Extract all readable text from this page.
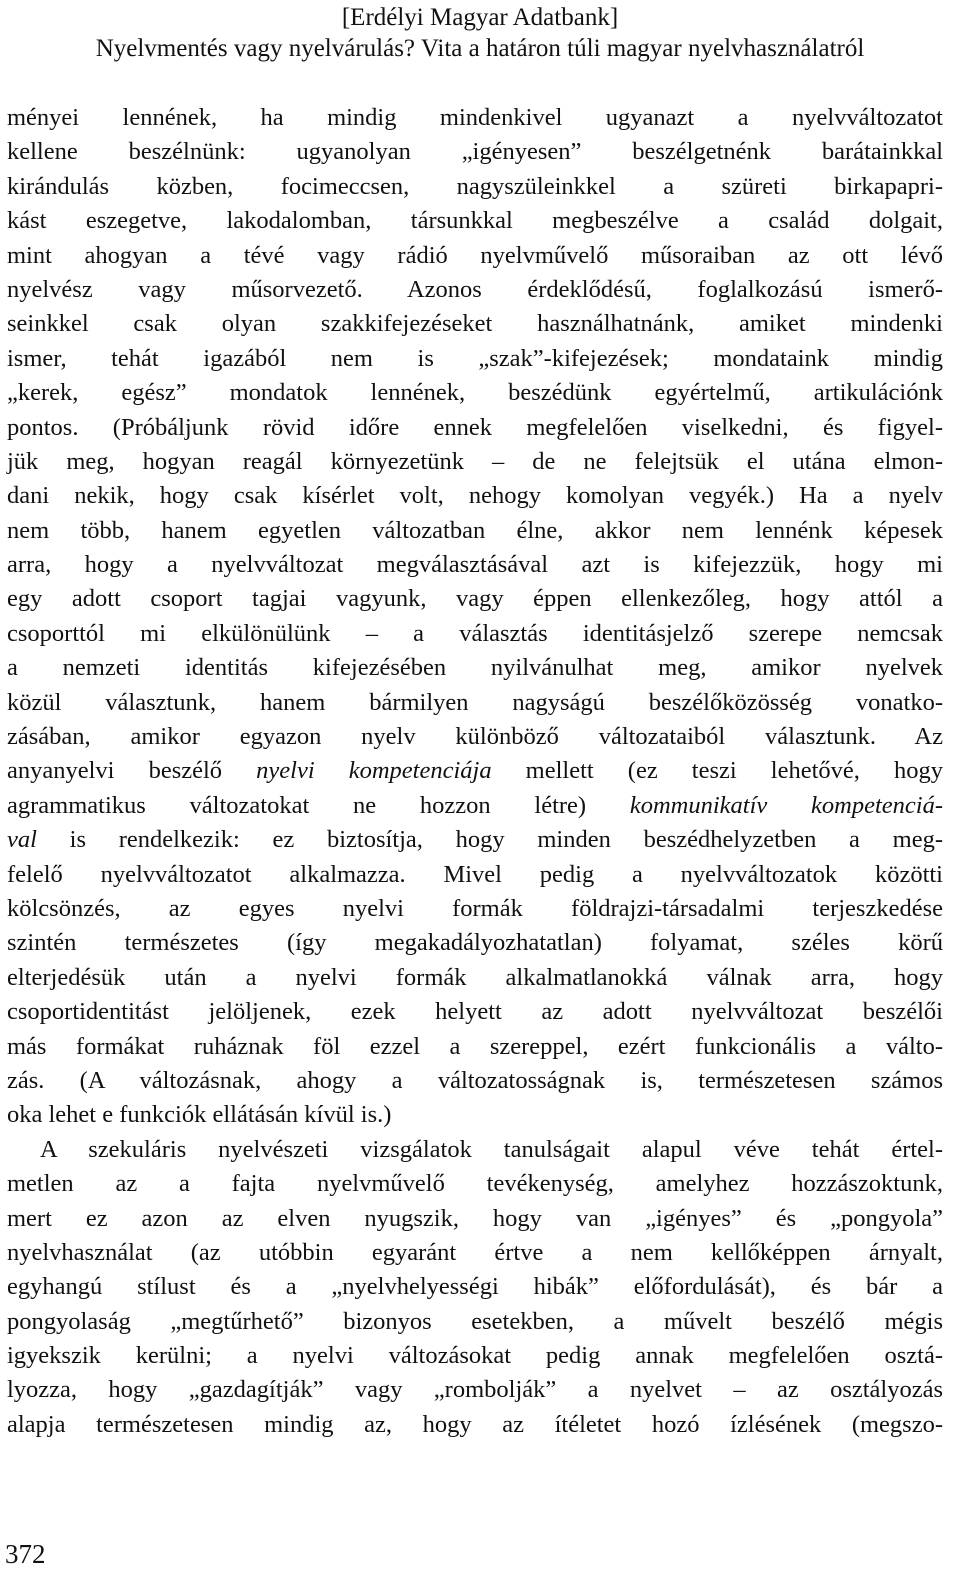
[Erdélyi Magyar Adatbank]
Nyelvmentés vagy nyelvárulás? Vita a határon túli magyar nyelvhasználatról
ményei lennének, ha mindig mindenkivel ugyanazt a nyelvváltozatot
kellene beszélnünk: ugyanolyan „igényesen” beszélgetnénk barátainkkal
kirándulás közben, focimeccsen, nagyszüleinkkel a szüreti birkapapri-
kást eszegetve, lakodalomban, társunkkal megbeszélve a család dolgait,
mint ahogyan a tévé vagy rádió nyelvművelő műsoraiban az ott lévő
nyelvész vagy műsorvezető. Azonos érdeklődésű, foglalkozású ismerő-
seinkkel csak olyan szakkifejezéseket használhatnánk, amiket mindenki
ismer, tehát igazából nem is „szak”-kifejezések; mondataink mindig
„kerek, egész” mondatok lennének, beszédünk egyértelmű, artikulációnk
pontos. (Próbáljunk rövid időre ennek megfelelően viselkedni, és figyel-
jük meg, hogyan reagál környezetünk – de ne felejtsük el utána elmon-
dani nekik, hogy csak kísérlet volt, nehogy komolyan vegyék.) Ha a nyelv
nem több, hanem egyetlen változatban élne, akkor nem lennénk képesek
arra, hogy a nyelvváltozat megválasztásával azt is kifejezzük, hogy mi
egy adott csoport tagjai vagyunk, vagy éppen ellenkezőleg, hogy attól a
csoporttól mi elkülönülünk – a választás identitásjelző szerepe nemcsak
a nemzeti identitás kifejezésében nyilvánulhat meg, amikor nyelvek
közül választunk, hanem bármilyen nagyságú beszélőközösség vonatko-
zásában, amikor egyazon nyelv különböző változataiból választunk. Az
anyanyelvi beszélő nyelvi kompetenciája mellett (ez teszi lehetővé, hogy
agrammatikus változatokat ne hozzon létre) kommunikatív kompetenciá-
val is rendelkezik: ez biztosítja, hogy minden beszédhelyzetben a meg-
felelő nyelvváltozatot alkalmazza. Mivel pedig a nyelvváltozatok közötti
kölcsönzés, az egyes nyelvi formák földrajzi-társadalmi terjeszkedése
szintén természetes (így megakadályozhatatlan) folyamat, széles körű
elterjedésük után a nyelvi formák alkalmatlanokká válnak arra, hogy
csoportidentitást jelöljenek, ezek helyett az adott nyelvváltozat beszélői
más formákat ruháznak föl ezzel a szereppel, ezért funkcionális a válto-
zás. (A változásnak, ahogy a változatosságnak is, természetesen számos
oka lehet e funkciók ellátásán kívül is.)
A szekuláris nyelvészeti vizsgálatok tanulságait alapul véve tehát értel-
metlen az a fajta nyelvművelő tevékenység, amelyhez hozzászoktunk,
mert ez azon az elven nyugszik, hogy van „igényes” és „pongyola”
nyelvhasználat (az utóbbin egyaránt értve a nem kellőképpen árnyalt,
egyhangú stílust és a „nyelvhelyességi hibák” előfordulását), és bár a
pongyolaság „megtűrhető” bizonyos esetekben, a művelt beszélő mégis
igyekszik kerülni; a nyelvi változásokat pedig annak megfelelően osztá-
lyozza, hogy „gazdagítják” vagy „rombolják” a nyelvet – az osztályozás
alapja természetesen mindig az, hogy az ítéletet hozó ízlésének (megszo-
372
